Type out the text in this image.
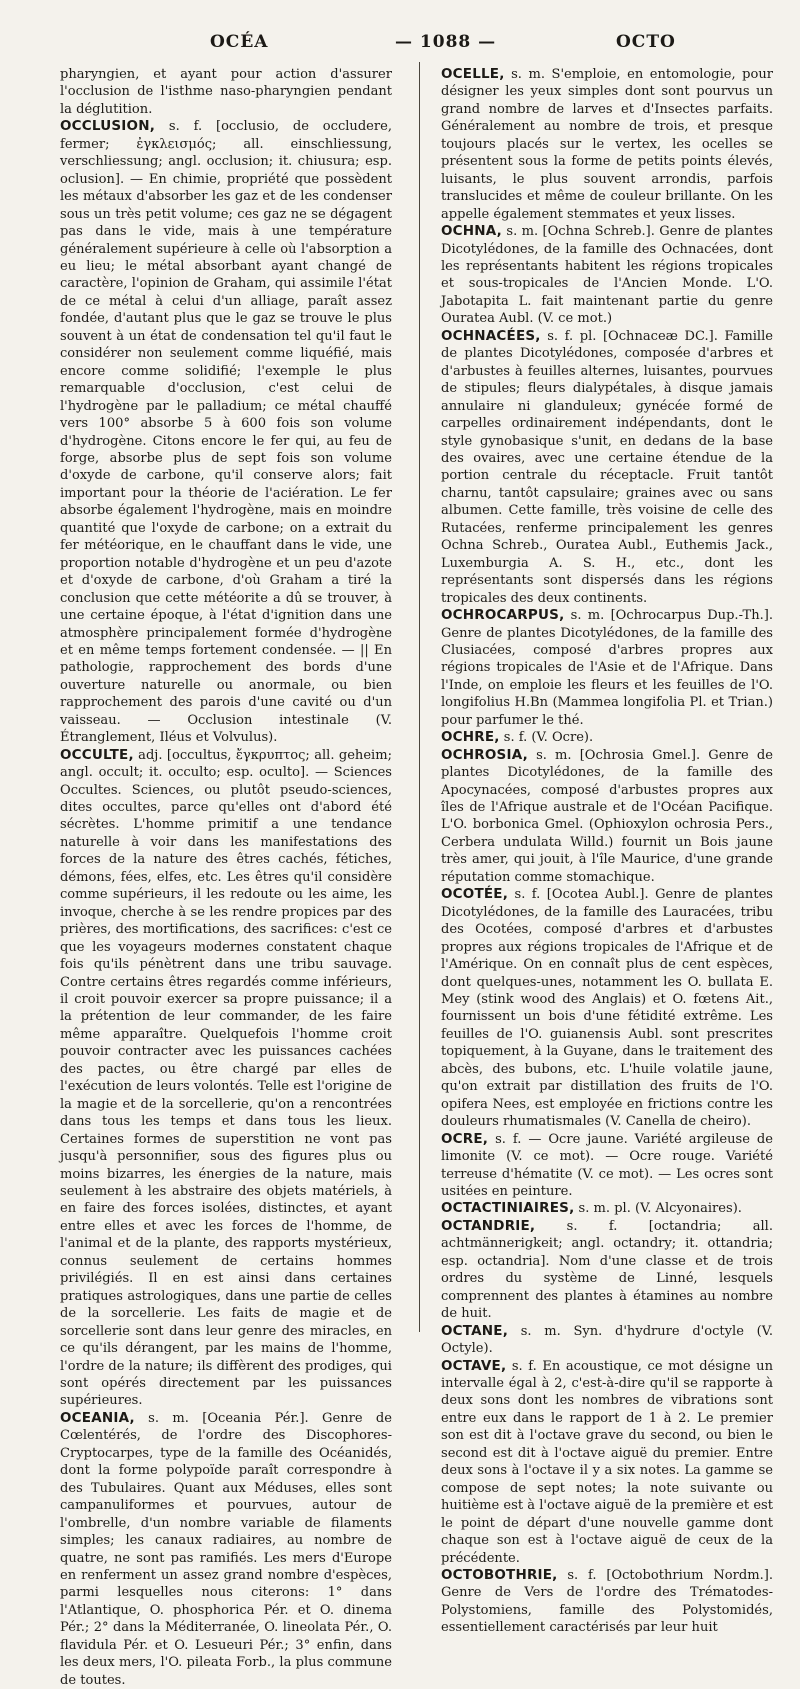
OCÉA	— 1088 —	OCTO

pharyngien, et ayant pour action d'assurer l'occlusion de l'isthme naso-pharyngien pendant la déglutition.

OCCLUSION, s. f. [occlusio, de occludere, fermer; ἐγκλεισμός; all. einschliessung, verschliessung; angl. occlusion; it. chiusura; esp. oclusion]. — En chimie, propriété que possèdent les métaux d'absorber les gaz et de les condenser sous un très petit volume; ces gaz ne se dégagent pas dans le vide, mais à une température généralement supérieure à celle où l'absorption a eu lieu; le métal absorbant ayant changé de caractère, l'opinion de Graham, qui assimile l'état de ce métal à celui d'un alliage, paraît assez fondée, d'autant plus que le gaz se trouve le plus souvent à un état de condensation tel qu'il faut le considérer non seulement comme liquéfié, mais encore comme solidifié; l'exemple le plus remarquable d'occlusion, c'est celui de l'hydrogène par le palladium; ce métal chauffé vers 100° absorbe 5 à 600 fois son volume d'hydrogène. Citons encore le fer qui, au feu de forge, absorbe plus de sept fois son volume d'oxyde de carbone, qu'il conserve alors; fait important pour la théorie de l'aciération. Le fer absorbe également l'hydrogène, mais en moindre quantité que l'oxyde de carbone; on a extrait du fer météorique, en le chauffant dans le vide, une proportion notable d'hydrogène et un peu d'azote et d'oxyde de carbone, d'où Graham a tiré la conclusion que cette météorite a dû se trouver, à une certaine époque, à l'état d'ignition dans une atmosphère principalement formée d'hydrogène et en même temps fortement condensée. — || En pathologie, rapprochement des bords d'une ouverture naturelle ou anormale, ou bien rapprochement des parois d'une cavité ou d'un vaisseau. — Occlusion intestinale (V. Étranglement, Iléus et Volvulus).

OCCULTE, adj. [occultus, ἔγκρυπτος; all. geheim; angl. occult; it. occulto; esp. oculto]. — Sciences Occultes. Sciences, ou plutôt pseudo-sciences, dites occultes, parce qu'elles ont d'abord été sécrètes. L'homme primitif a une tendance naturelle à voir dans les manifestations des forces de la nature des êtres cachés, fétiches, démons, fées, elfes, etc. Les êtres qu'il considère comme supérieurs, il les redoute ou les aime, les invoque, cherche à se les rendre propices par des prières, des mortifications, des sacrifices: c'est ce que les voyageurs modernes constatent chaque fois qu'ils pénètrent dans une tribu sauvage. Contre certains êtres regardés comme inférieurs, il croit pouvoir exercer sa propre puissance; il a la prétention de leur commander, de les faire même apparaître. Quelquefois l'homme croit pouvoir contracter avec les puissances cachées des pactes, ou être chargé par elles de l'exécution de leurs volontés. Telle est l'origine de la magie et de la sorcellerie, qu'on a rencontrées dans tous les temps et dans tous les lieux. Certaines formes de superstition ne vont pas jusqu'à personnifier, sous des figures plus ou moins bizarres, les énergies de la nature, mais seulement à les abstraire des objets matériels, à en faire des forces isolées, distinctes, et ayant entre elles et avec les forces de l'homme, de l'animal et de la plante, des rapports mystérieux, connus seulement de certains hommes privilégiés. Il en est ainsi dans certaines pratiques astrologiques, dans une partie de celles de la sorcellerie. Les faits de magie et de sorcellerie sont dans leur genre des miracles, en ce qu'ils dérangent, par les mains de l'homme, l'ordre de la nature; ils diffèrent des prodiges, qui sont opérés directement par les puissances supérieures.

OCEANIA, s. m. [Oceania Pér.]. Genre de Cœlentérés, de l'ordre des Discophores-Cryptocarpes, type de la famille des Océanidés, dont la forme polypoïde paraît correspondre à des Tubulaires. Quant aux Méduses, elles sont campanuliformes et pourvues, autour de l'ombrelle, d'un nombre variable de filaments simples; les canaux radiaires, au nombre de quatre, ne sont pas ramifiés. Les mers d'Europe en renferment un assez grand nombre d'espèces, parmi lesquelles nous citerons: 1° dans l'Atlantique, O. phosphorica Pér. et O. dinema Pér.; 2° dans la Méditerranée, O. lineolata Pér., O. flavidula Pér. et O. Lesueuri Pér.; 3° enfin, dans les deux mers, l'O. pileata Forb., la plus commune de toutes.

OCELLE, s. m. S'emploie, en entomologie, pour désigner les yeux simples dont sont pourvus un grand nombre de larves et d'Insectes parfaits. Généralement au nombre de trois, et presque toujours placés sur le vertex, les ocelles se présentent sous la forme de petits points élevés, luisants, le plus souvent arrondis, parfois translucides et même de couleur brillante. On les appelle également stemmates et yeux lisses.

OCHNA, s. m. [Ochna Schreb.]. Genre de plantes Dicotylédones, de la famille des Ochnacées, dont les représentants habitent les régions tropicales et sous-tropicales de l'Ancien Monde. L'O. Jabotapita L. fait maintenant partie du genre Ouratea Aubl. (V. ce mot.)

OCHNACÉES, s. f. pl. [Ochnaceæ DC.]. Famille de plantes Dicotylédones, composée d'arbres et d'arbustes à feuilles alternes, luisantes, pourvues de stipules; fleurs dialypétales, à disque jamais annulaire ni glanduleux; gynécée formé de carpelles ordinairement indépendants, dont le style gynobasique s'unit, en dedans de la base des ovaires, avec une certaine étendue de la portion centrale du réceptacle. Fruit tantôt charnu, tantôt capsulaire; graines avec ou sans albumen. Cette famille, très voisine de celle des Rutacées, renferme principalement les genres Ochna Schreb., Ouratea Aubl., Euthemis Jack., Luxemburgia A. S. H., etc., dont les représentants sont dispersés dans les régions tropicales des deux continents.

OCHROCARPUS, s. m. [Ochrocarpus Dup.-Th.]. Genre de plantes Dicotylédones, de la famille des Clusiacées, composé d'arbres propres aux régions tropicales de l'Asie et de l'Afrique. Dans l'Inde, on emploie les fleurs et les feuilles de l'O. longifolius H.Bn (Mammea longifolia Pl. et Trian.) pour parfumer le thé.

OCHRE, s. f. (V. Ocre).

OCHROSIA, s. m. [Ochrosia Gmel.]. Genre de plantes Dicotylédones, de la famille des Apocynacées, composé d'arbustes propres aux îles de l'Afrique australe et de l'Océan Pacifique. L'O. borbonica Gmel. (Ophioxylon ochrosia Pers., Cerbera undulata Willd.) fournit un Bois jaune très amer, qui jouit, à l'île Maurice, d'une grande réputation comme stomachique.

OCOTÉE, s. f. [Ocotea Aubl.]. Genre de plantes Dicotylédones, de la famille des Lauracées, tribu des Ocotées, composé d'arbres et d'arbustes propres aux régions tropicales de l'Afrique et de l'Amérique. On en connaît plus de cent espèces, dont quelques-unes, notamment les O. bullata E. Mey (stink wood des Anglais) et O. fœtens Ait., fournissent un bois d'une fétidité extrême. Les feuilles de l'O. guianensis Aubl. sont prescrites topiquement, à la Guyane, dans le traitement des abcès, des bubons, etc. L'huile volatile jaune, qu'on extrait par distillation des fruits de l'O. opifera Nees, est employée en frictions contre les douleurs rhumatismales (V. Canella de cheiro).

OCRE, s. f. — Ocre jaune. Variété argileuse de limonite (V. ce mot). — Ocre rouge. Variété terreuse d'hématite (V. ce mot). — Les ocres sont usitées en peinture.

OCTACTINIAIRES, s. m. pl. (V. Alcyonaires).

OCTANDRIE, s. f. [octandria; all. achtmännerigkeit; angl. octandry; it. ottandria; esp. octandria]. Nom d'une classe et de trois ordres du système de Linné, lesquels comprennent des plantes à étamines au nombre de huit.

OCTANE, s. m. Syn. d'hydrure d'octyle (V. Octyle).

OCTAVE, s. f. En acoustique, ce mot désigne un intervalle égal à 2, c'est-à-dire qu'il se rapporte à deux sons dont les nombres de vibrations sont entre eux dans le rapport de 1 à 2. Le premier son est dit à l'octave grave du second, ou bien le second est dit à l'octave aiguë du premier. Entre deux sons à l'octave il y a six notes. La gamme se compose de sept notes; la note suivante ou huitième est à l'octave aiguë de la première et est le point de départ d'une nouvelle gamme dont chaque son est à l'octave aiguë de ceux de la précédente.

OCTOBOTHRIE, s. f. [Octobothrium Nordm.]. Genre de Vers de l'ordre des Trématodes-Polystomiens, famille des Polystomidés, essentiellement caractérisés par leur huit
